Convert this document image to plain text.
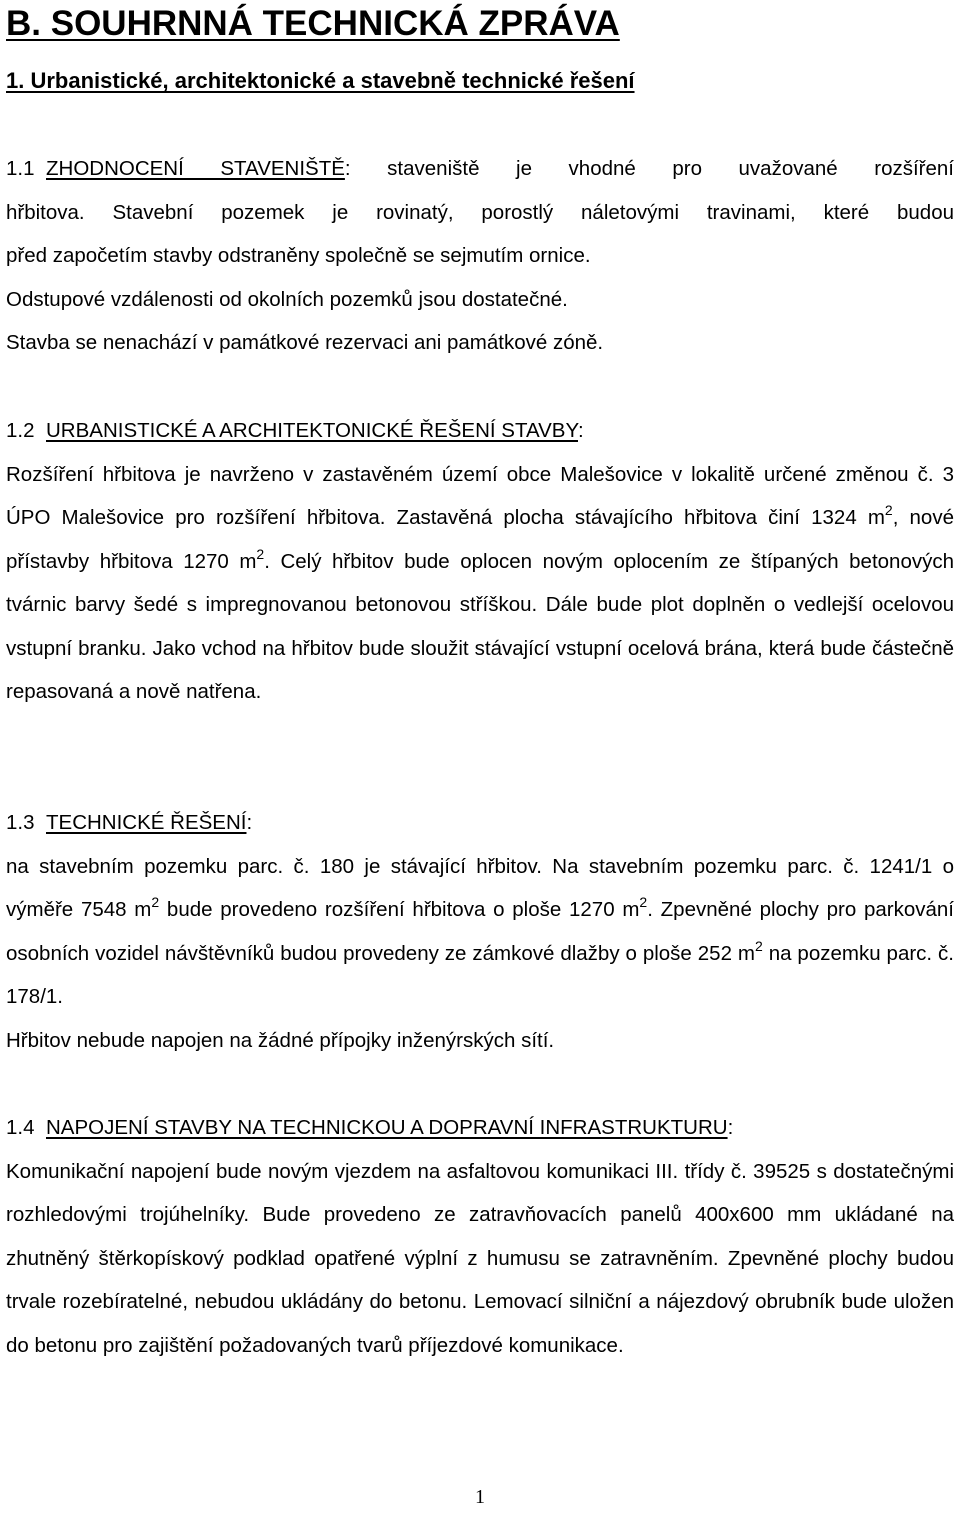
B. SOUHRNNÁ TECHNICKÁ ZPRÁVA
1. Urbanistické, architektonické a stavebně technické řešení

1.1 ZHODNOCENÍ STAVENIŠTĚ: staveniště je vhodné pro uvažované rozšíření

hřbitova. Stavební pozemek je rovinatý, porostlý náletovými travinami, které budou

před započetím stavby odstraněny společně se sejmutím ornice.

Odstupové vzdálenosti od okolních pozemků jsou dostatečné.

Stavba se nenachází v památkové rezervaci ani památkové zóně.

1.2 URBANISTICKÉ A ARCHITEKTONICKÉ ŘEŠENÍ STAVBY:

Rozšíření hřbitova je navrženo v zastavěném území obce Malešovice v lokalitě určené změnou č. 3 ÚPO Malešovice pro rozšíření hřbitova. Zastavěná plocha stávajícího hřbitova činí 1324 $m^2$, nové přístavby hřbitova 1270 $m^2$. Celý hřbitov bude oplocen novým oplocením ze štípaných betonových tvárnic barvy šedé s impregnovanou betonovou stříškou. Dále bude plot doplněn o vedlejší ocelovou vstupní branku. Jako vchod na hřbitov bude sloužit stávající vstupní ocelová brána, která bude částečně repasovaná a nově natřena.

1.3 TECHNICKÉ ŘEŠENÍ:

na stavebním pozemku parc. č. 180 je stávající hřbitov. Na stavebním pozemku parc. č. 1241/1 o výměře 7548 $m^2$ bude provedeno rozšíření hřbitova o ploše 1270 $m^2$. Zpevněné plochy pro parkování osobních vozidel návštěvníků budou provedeny ze zámkové dlažby o ploše 252 $m^2$ na pozemku parc. č. 178/1.

Hřbitov nebude napojen na žádné přípojky inženýrských sítí.

1.4 NAPOJENÍ STAVBY NA TECHNICKOU A DOPRAVNÍ INFRASTRUKTURU:

Komunikační napojení bude novým vjezdem na asfaltovou komunikaci III. třídy č. 39525 s dostatečnými rozhledovými trojúhelníky. Bude provedeno ze zatravňovacích panelů 400x600 mm ukládané na zhutněný štěrkopískový podklad opatřené výplní z humusu se zatravněním. Zpevněné plochy budou trvale rozebíratelné, nebudou ukládány do betonu. Lemovací silniční a nájezdový obrubník bude uložen do betonu pro zajištění požadovaných tvarů příjezdové komunikace.

1
